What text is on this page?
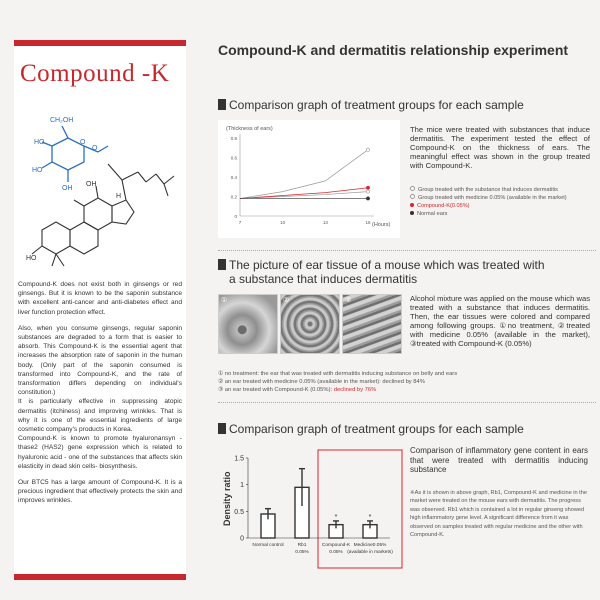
Compound -K
CH₂OH
O
HO
HO
OH
O
HO
OH
H

Compound-K does not exist both in ginsengs or red ginsengs. But it is known to be the saponin substance with excellent anti-cancer and anti-diabetes effect and liver function protection effect.

Also, when you consume ginsengs, regular saponin substances are degraded to a form that is easier to absorb. This Compound-K is the essential agent that increases the absorption rate of saponin in the human body. (Only part of the saponin consumed is transformed into Compound-K, and the rate of transformation differs depending on individual's constitution.)

It is particularly effective in suppressing atopic dermatitis (itchiness) and improving wrinkles. That is why it is one of the essential ingredients of large cosmetic company's products in Korea.

Compound-K is known to promote hyaluronansyn -thase2 (HAS2) gene expression which is related to hyaluronic acid - one of the substances that affects skin elasticity in dead skin cells- biosynthesis.

Our BTC5 has a large amount of Compound-K. It is a precious ingredient that effectively protects the skin and improves wrinkles.

Compound-K and dermatitis relationship experiment
Comparison graph of treatment groups for each sample
0
0.2
0.4
0.6
0.8
7	10	13	16
(Thickness of ears)
(Hours)
The mice were treated with substances that induce dermatitis. The experiment tested the effect of Compound-K on the thickness of ears. The meaningful effect was shown in the group treated with Compound-K.
Group treated with the substance that induces dermatitis
Group treated with medicine 0.05% (available in the market)
Compound-K(0.05%)
Normal ears
The picture of ear tissue of a mouse which was treated with
a substance that induces dermatitis
①	②	③	Alcohol mixture was applied on the mouse which was treated with a substance that induces dermatitis. Then, the ear tissues were colored and compared among following groups. ①no treatment, ②treated with medicine 0.05% (available in the market), ③treated with Compound-K (0.05%)
① no treatment: the ear that was treated with dermatitis inducing substance on belly and ears
② an ear treated with medicine 0.05% (available in the market): declined by 84%
③ an ear treated with Compound-K (0.05%): declined by 76%
Comparison graph of treatment groups for each sample
Density ratio
0
0.5
1
1.5
*	*
Normal control	Rb1
0.05%
Compound-K
0.05%
Medicine0.05%
(available in markets)
Comparison of inflammatory gene content in ears that were treated with dermatitis inducing substance
※As it is shown in above graph, Rb1, Compound-K and medicine in the market were treated on the mouse ears with dermatitis. The progress was observed. Rb1 which is contained a lot in regular ginseng showed high inflammatory gene level. A significant difference from it was observed on samples treated with regular medicine and the other with Compound-K.
